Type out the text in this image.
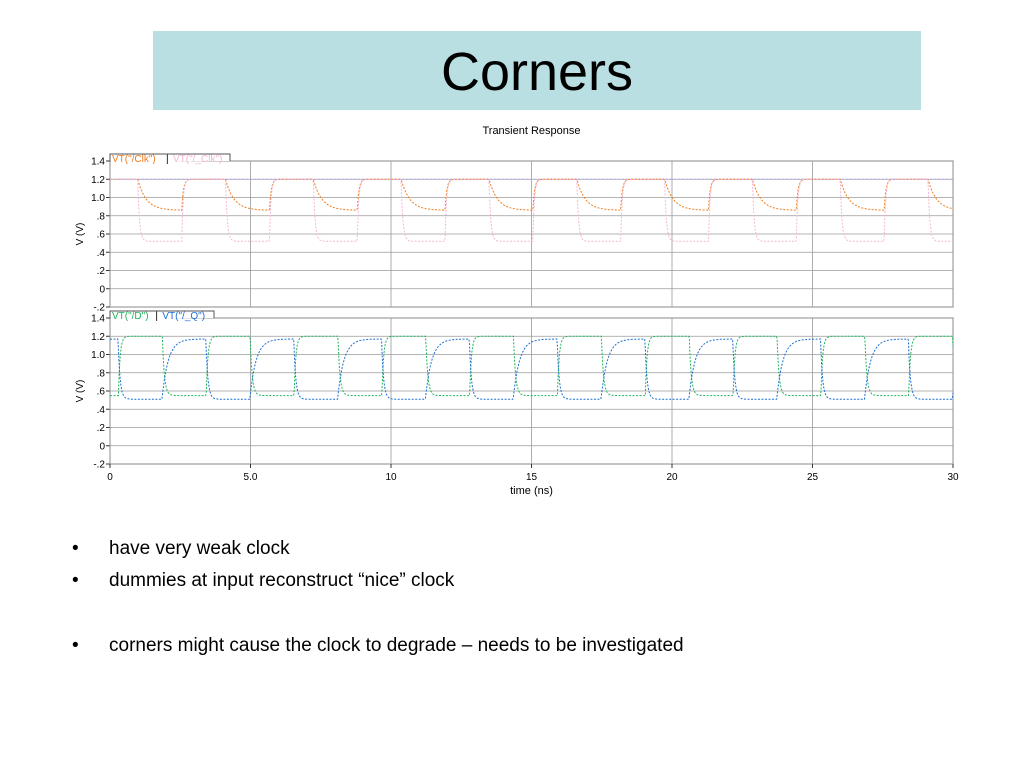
Corners
Transient Response
1.4
1.2
1.0
.8
.6
.4
.2
0
-.2
V (V)
VT("/Clk") | VT("/_Clk")
1.4
1.2
1.0
.8
.6
.4
.2
0
-.2
V (V)
VT("/D") | VT("/_Q")
0	5.0	10	15	20	25	30
time (ns)
• have very weak clock
• dummies at input reconstruct “nice” clock
• corners might cause the clock to degrade – needs to be investigated
